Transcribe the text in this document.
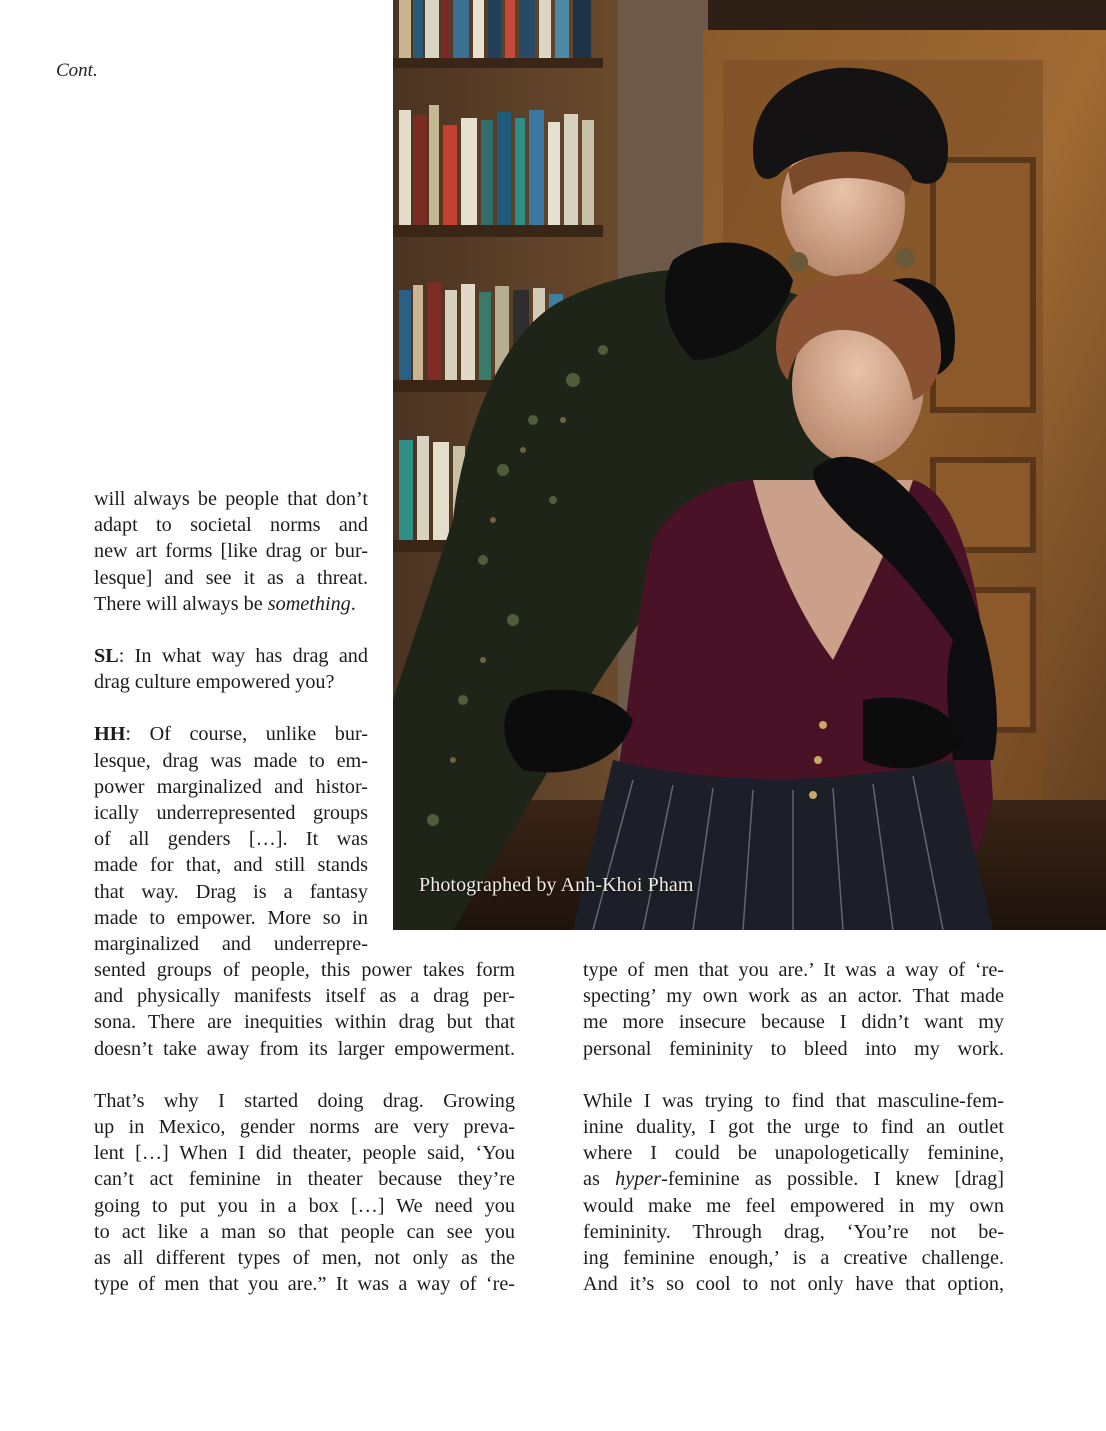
Cont.
Photographed by Anh-Khoi Pham
will always be people that don’t
adapt to societal norms and
new art forms [like drag or bur-
lesque] and see it as a threat.
There will always be something.
SL: In what way has drag and
drag culture empowered you?
HH: Of course, unlike bur-
lesque, drag was made to em-
power marginalized and histor-
ically underrepresented groups
of all genders […]. It was
made for that, and still stands
that way. Drag is a fantasy
made to empower. More so in
marginalized and underrepre-
sented groups of people, this power takes form
and physically manifests itself as a drag per-
sona. There are inequities within drag but that
doesn’t take away from its larger empowerment.
That’s why I started doing drag. Growing
up in Mexico, gender norms are very preva-
lent […] When I did theater, people said, ‘You
can’t act feminine in theater because they’re
going to put you in a box […] We need you
to act like a man so that people can see you
as all different types of men, not only as the
type of men that you are.” It was a way of ‘re-
type of men that you are.’ It was a way of ‘re-
specting’ my own work as an actor. That made
me more insecure because I didn’t want my
personal femininity to bleed into my work.
While I was trying to find that masculine-fem-
inine duality, I got the urge to find an outlet
where I could be unapologetically feminine,
as hyper-feminine as possible. I knew [drag]
would make me feel empowered in my own
femininity. Through drag, ‘You’re not be-
ing feminine enough,’ is a creative challenge.
And it’s so cool to not only have that option,
